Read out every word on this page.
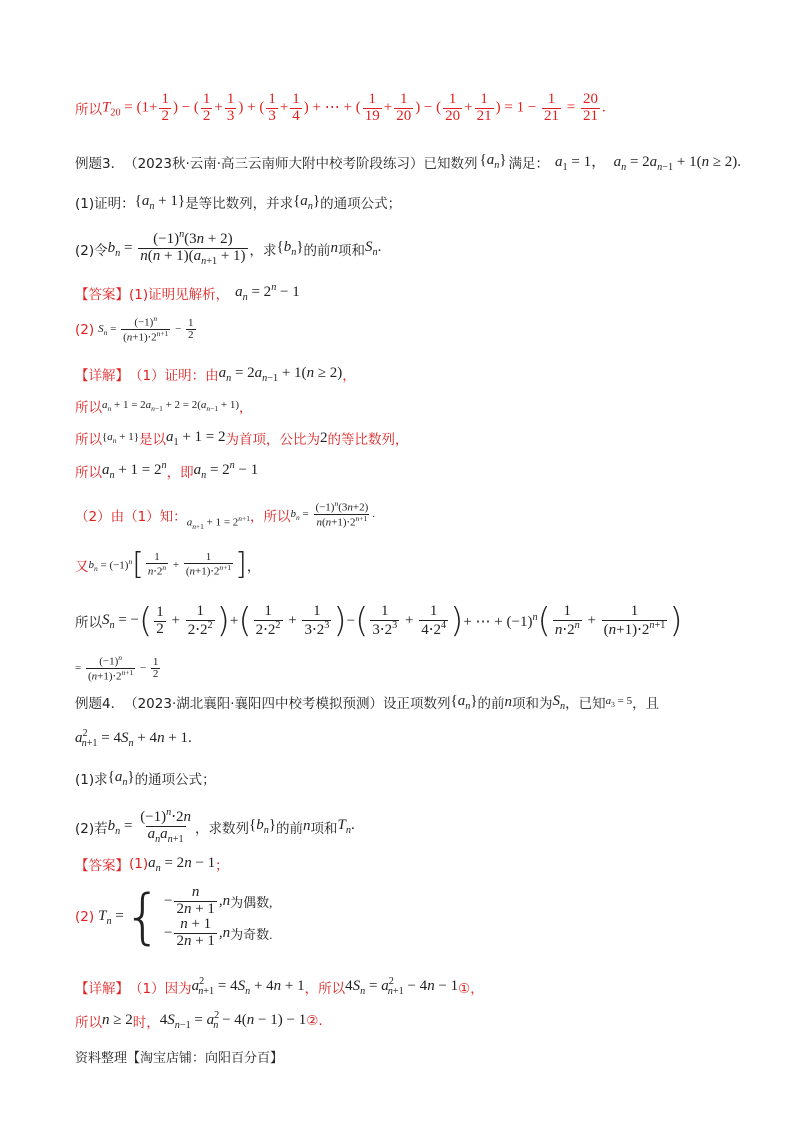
所以 $T_{20} = (1+ \frac{1}{2}$ ) − ( $\frac{1}{2} + \frac{1}{3}$ ) + ( $\frac{1}{3} + \frac{1}{4}$ ) + ⋯ + ( $\frac{1}{19} + \frac{1}{20}$ ) − ( $\frac{1}{20} + \frac{1}{21}$ ) = $1 - \frac{1}{21} = \frac{20}{21}$ .
例题3． （2023秋·云南·高三云南师大附中校考阶段练习）已知数列 $\{a_n\}$ 满足： $a_1 = 1$，  $a_n = 2a_{n-1} + 1(n \ge 2)$.
(1)证明： $\{a_n + 1\}$ 是等比数列，并求 $\{a_n\}$ 的通项公式；
(2)令 $b_n = \frac{(-1)^n(3n + 2)}{n(n + 1)(a_{n+1} + 1)}$ ，求 $\{b_n\}$ 的前 n 项和 $S_n$.
【答案】 (1)证明见解析， $a_n = 2^n - 1$
(2) $S_n = \frac{(-1)^n}{(n+1)\cdot 2^{n+1}} - \frac{1}{2}$
【详解】 （1）证明：由 $a_n = 2a_{n-1} + 1(n \ge 2)$ ，
所以 $a_n + 1 = 2a_{n-1} + 2 = 2(a_{n-1} + 1)$ ，
所以 $\{a_n + 1\}$ 是以 $a_1 + 1 = 2$ 为首项，公比为 2 的等比数列，
所以 $a_n + 1 = 2^n$ ，即 $a_n = 2^n - 1$
（2）由（1）知： $a_{n+1} + 1 = 2^{n+1}$ ，所以 $b_n = \frac{(-1)^n(3n+2)}{n(n+1)\cdot 2^{n+1}}$ .
又 $b_n = (-1)^n$ [ $\frac{1}{n\cdot 2^n} + \frac{1}{(n+1)\cdot 2^{n+1}}$ ] ，
所以 $S_n$ = − ( $\frac{1}{2} + \frac{1}{2\cdot 2^2}$ ) + ( $\frac{1}{2\cdot 2^2} + \frac{1}{3\cdot 2^3}$ ) − ( $\frac{1}{3\cdot 2^3} + \frac{1}{4\cdot 2^4}$ ) + ⋯ + $(-1)^n$ ( $\frac{1}{n\cdot 2^n} + \frac{1}{(n+1)\cdot 2^{n+1}}$ )
= $\frac{(-1)^n}{(n+1)\cdot 2^{n+1}} - \frac{1}{2}$
例题4． （2023·湖北襄阳·襄阳四中校考模拟预测）设正项数列 $\{a_n\}$ 的前 n 项和为 $S_n$ ，已知 $a_3 = 5$ ，且
$a^2_{n+1} = 4S_n + 4n + 1$.
(1)求 $\{a_n\}$ 的通项公式；
(2)若 $b_n = \frac{(-1)^n\cdot 2n}{a_na_{n+1}}$ ，求数列 $\{b_n\}$ 的前 n 项和 $T_n$.
【答案】 (1) $a_n = 2n - 1$ ；
(2) $T_n$ = { − $\frac{n}{2n + 1}$ , n 为偶数,
− $\frac{n + 1}{2n + 1}$ , n 为奇数.
【详解】 （1）因为 $a^2_{n+1} = 4S_n + 4n + 1$ ，所以 $4S_n = a^2_{n+1} - 4n - 1$ ①，
所以 n ≥ 2 时， $4S_{n-1} = a^2_n - 4(n - 1) - 1$ ②.
资料整理【淘宝店铺：向阳百分百】
